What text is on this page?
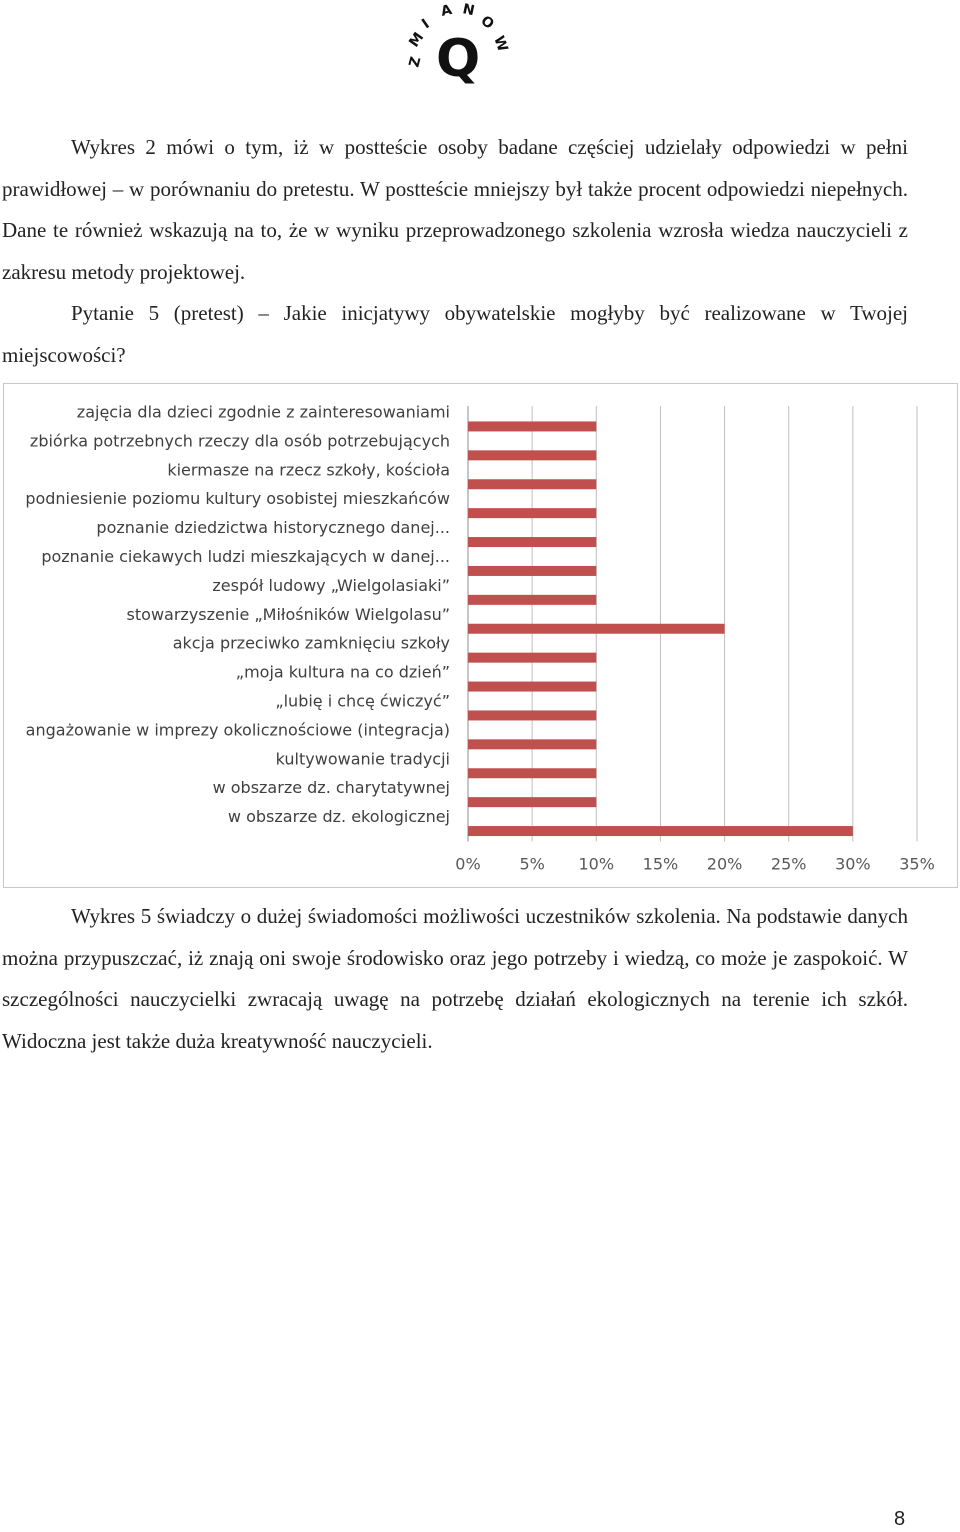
Z
M
I
A N
O
W
Q

Wykres 2 mówi o tym, iż w postteście osoby badane częściej udzielały odpowiedzi w pełni prawidłowej – w porównaniu do pretestu. W postteście mniejszy był także procent odpowiedzi niepełnych. Dane te również wskazują na to, że w wyniku przeprowadzonego szkolenia wzrosła wiedza nauczycieli z zakresu metody projektowej.

Pytanie 5 (pretest) – Jakie inicjatywy obywatelskie mogłyby być realizowane w Twojej miejscowości?

0% 5% 10% 15% 20% 25% 30% 35%
zajęcia dla dzieci zgodnie z zainteresowaniami
zbiórka potrzebnych rzeczy dla osób potrzebujących
kiermasze na rzecz szkoły, kościoła
podniesienie poziomu kultury osobistej mieszkańców
poznanie dziedzictwa historycznego danej...
poznanie ciekawych ludzi mieszkających w danej...
zespół ludowy „Wielgolasiaki”
stowarzyszenie „Miłośników Wielgolasu”
akcja przeciwko zamknięciu szkoły
„moja kultura na co dzień”
„lubię i chcę ćwiczyć”
angażowanie w imprezy okolicznościowe (integracja)
kultywowanie tradycji
w obszarze dz. charytatywnej
w obszarze dz. ekologicznej

Wykres 5 świadczy o dużej świadomości możliwości uczestników szkolenia. Na podstawie danych można przypuszczać, iż znają oni swoje środowisko oraz jego potrzeby i wiedzą, co może je zaspokoić. W szczególności nauczycielki zwracają uwagę na potrzebę działań ekologicznych na terenie ich szkół. Widoczna jest także duża kreatywność nauczycieli.

8
